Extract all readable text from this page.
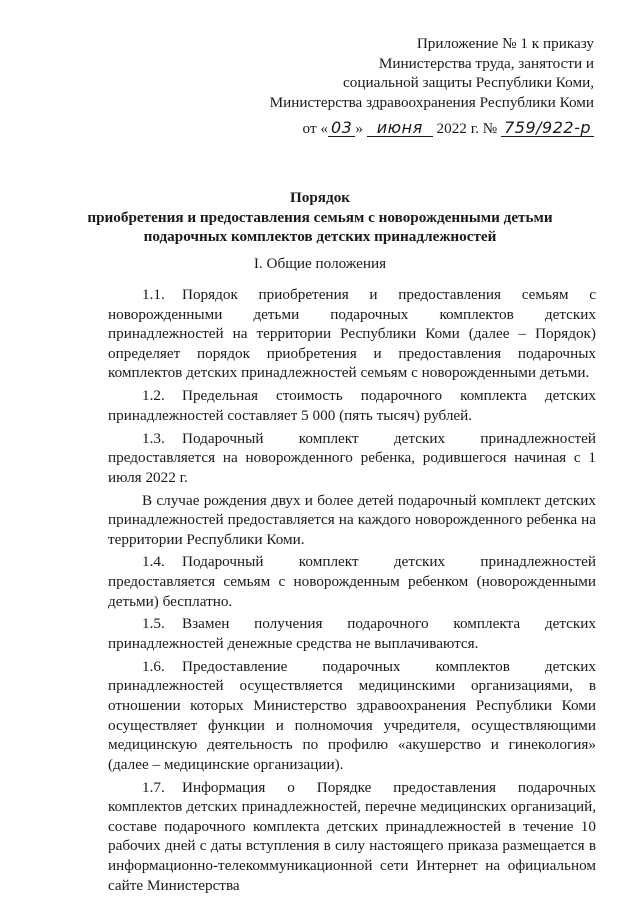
Приложение № 1 к приказу
Министерства труда, занятости и
социальной защиты Республики Коми,
Министерства здравоохранения Республики Коми
от « 03 » июня 2022 г. № 759/922-р
Порядок
приобретения и предоставления семьям с новорожденными детьми
подарочных комплектов детских принадлежностей
I. Общие положения

1.1. Порядок приобретения и предоставления семьям с новорожденными детьми подарочных комплектов детских принадлежностей на территории Республики Коми (далее – Порядок) определяет порядок приобретения и предоставления подарочных комплектов детских принадлежностей семьям с новорожденными детьми.

1.2. Предельная стоимость подарочного комплекта детских принадлежностей составляет 5 000 (пять тысяч) рублей.

1.3. Подарочный комплект детских принадлежностей предоставляется на новорожденного ребенка, родившегося начиная с 1 июля 2022 г.

В случае рождения двух и более детей подарочный комплект детских принадлежностей предоставляется на каждого новорожденного ребенка на территории Республики Коми.

1.4. Подарочный комплект детских принадлежностей предоставляется семьям с новорожденным ребенком (новорожденными детьми) бесплатно.

1.5. Взамен получения подарочного комплекта детских принадлежностей денежные средства не выплачиваются.

1.6. Предоставление подарочных комплектов детских принадлежностей осуществляется медицинскими организациями, в отношении которых Министерство здравоохранения Республики Коми осуществляет функции и полномочия учредителя, осуществляющими медицинскую деятельность по профилю «акушерство и гинекология» (далее – медицинские организации).

1.7. Информация о Порядке предоставления подарочных комплектов детских принадлежностей, перечне медицинских организаций, составе подарочного комплекта детских принадлежностей в течение 10 рабочих дней с даты вступления в силу настоящего приказа размещается в информационно-телекоммуникационной сети Интернет на официальном сайте Министерства
